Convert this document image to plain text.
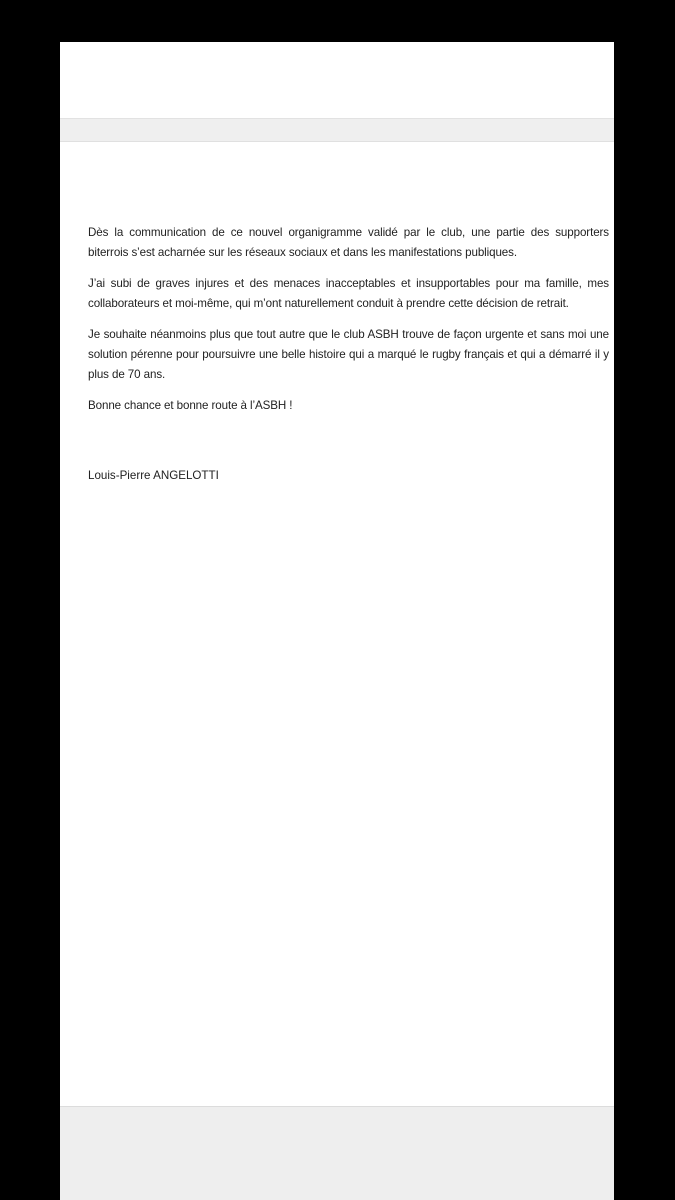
Dès la communication de ce nouvel organigramme validé par le club, une partie des supporters biterrois s’est acharnée sur les réseaux sociaux et dans les manifestations publiques.

J’ai subi de graves injures et des menaces inacceptables et insupportables pour ma famille, mes collaborateurs et moi-même, qui m’ont naturellement conduit à prendre cette décision de retrait.

Je souhaite néanmoins plus que tout autre que le club ASBH trouve de façon urgente et sans moi une solution pérenne pour poursuivre une belle histoire qui a marqué le rugby français et qui a démarré il y plus de 70 ans.

Bonne chance et bonne route à l’ASBH !

Louis-Pierre ANGELOTTI
